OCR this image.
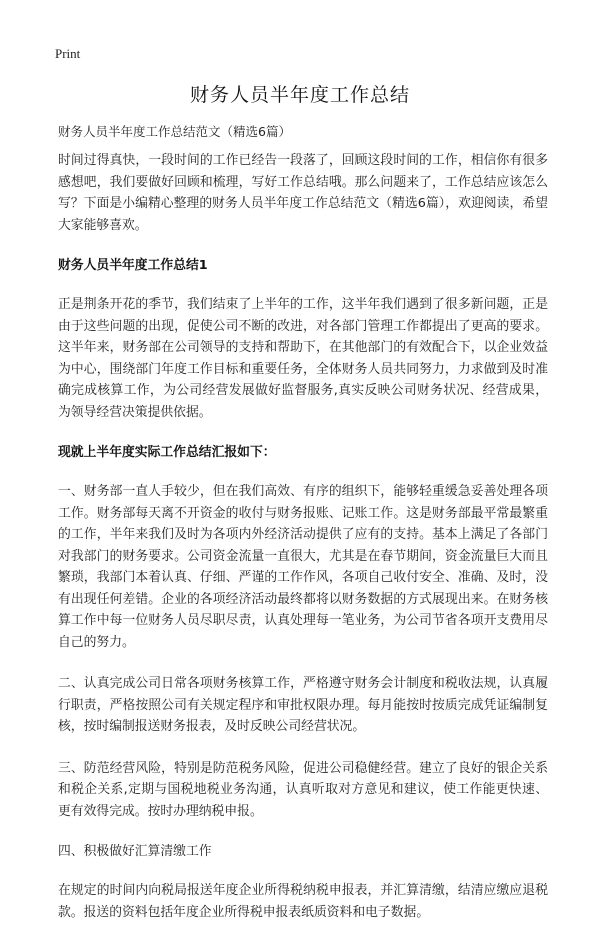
Print
财务人员半年度工作总结
财务人员半年度工作总结范文（精选6篇）

时间过得真快，一段时间的工作已经告一段落了，回顾这段时间的工作，相信你有很多感想吧，我们要做好回顾和梳理，写好工作总结哦。那么问题来了，工作总结应该怎么写？下面是小编精心整理的财务人员半年度工作总结范文（精选6篇），欢迎阅读，希望大家能够喜欢。

财务人员半年度工作总结1

正是荆条开花的季节，我们结束了上半年的工作，这半年我们遇到了很多新问题，正是由于这些问题的出现，促使公司不断的改进，对各部门管理工作都提出了更高的要求。这半年来，财务部在公司领导的支持和帮助下，在其他部门的有效配合下，以企业效益为中心，围绕部门年度工作目标和重要任务，全体财务人员共同努力，力求做到及时准确完成核算工作，为公司经营发展做好监督服务,真实反映公司财务状况、经营成果，为领导经营决策提供依据。

现就上半年度实际工作总结汇报如下：

一、财务部一直人手较少，但在我们高效、有序的组织下，能够轻重缓急妥善处理各项工作。财务部每天离不开资金的收付与财务报账、记账工作。这是财务部最平常最繁重的工作，半年来我们及时为各项内外经济活动提供了应有的支持。基本上满足了各部门对我部门的财务要求。公司资金流量一直很大，尤其是在春节期间，资金流量巨大而且繁琐，我部门本着认真、仔细、严谨的工作作风，各项自己收付安全、准确、及时，没有出现任何差错。企业的各项经济活动最终都将以财务数据的方式展现出来。在财务核算工作中每一位财务人员尽职尽责，认真处理每一笔业务，为公司节省各项开支费用尽自己的努力。

二、认真完成公司日常各项财务核算工作，严格遵守财务会计制度和税收法规，认真履行职责，严格按照公司有关规定程序和审批权限办理。每月能按时按质完成凭证编制复核，按时编制报送财务报表，及时反映公司经营状况。

三、防范经营风险，特别是防范税务风险，促进公司稳健经营。建立了良好的银企关系和税企关系,定期与国税地税业务沟通，认真听取对方意见和建议，使工作能更快速、更有效得完成。按时办理纳税申报。

四、积极做好汇算清缴工作

在规定的时间内向税局报送年度企业所得税纳税申报表，并汇算清缴，结清应缴应退税款。报送的资料包括年度企业所得税申报表纸质资料和电子数据。
